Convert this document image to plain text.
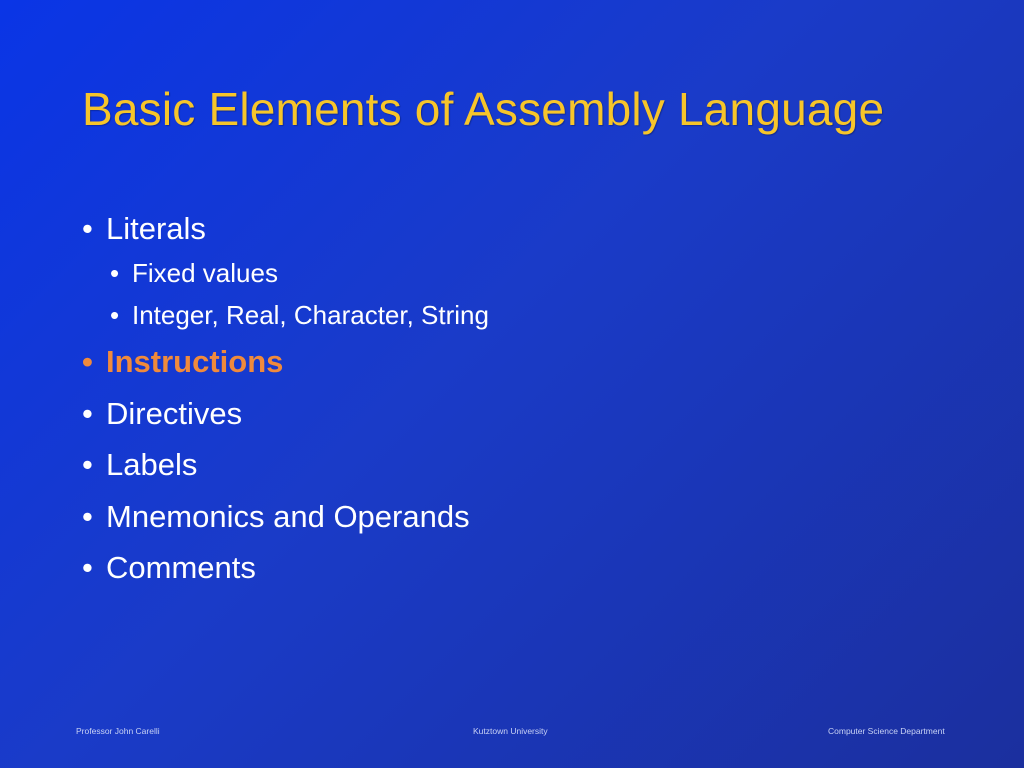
Basic Elements of Assembly Language
• Literals
• Fixed values
• Integer, Real, Character, String
• Instructions
• Directives
• Labels
• Mnemonics and Operands
• Comments
Professor John Carelli	Kutztown University	Computer Science Department
